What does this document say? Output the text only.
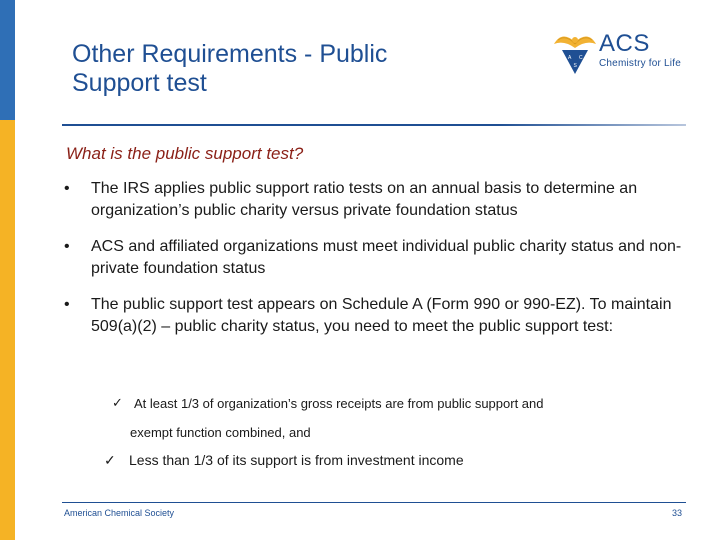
Other Requirements - Public
Support test
A C
S
ACS
Chemistry for Life
What is the public support test?
•	The IRS applies public support ratio tests on an annual basis to determine an organization’s public charity versus private foundation status
•	ACS and affiliated organizations must meet individual public charity status and non-private foundation status
•	The public support test appears on Schedule A (Form 990 or 990-EZ). To maintain 509(a)(2) – public charity status, you need to meet the public support test:
✓ At least 1/3 of organization’s gross receipts are from public support and
exempt function combined, and
✓ Less than 1/3 of its support is from investment income
American Chemical Society	33
